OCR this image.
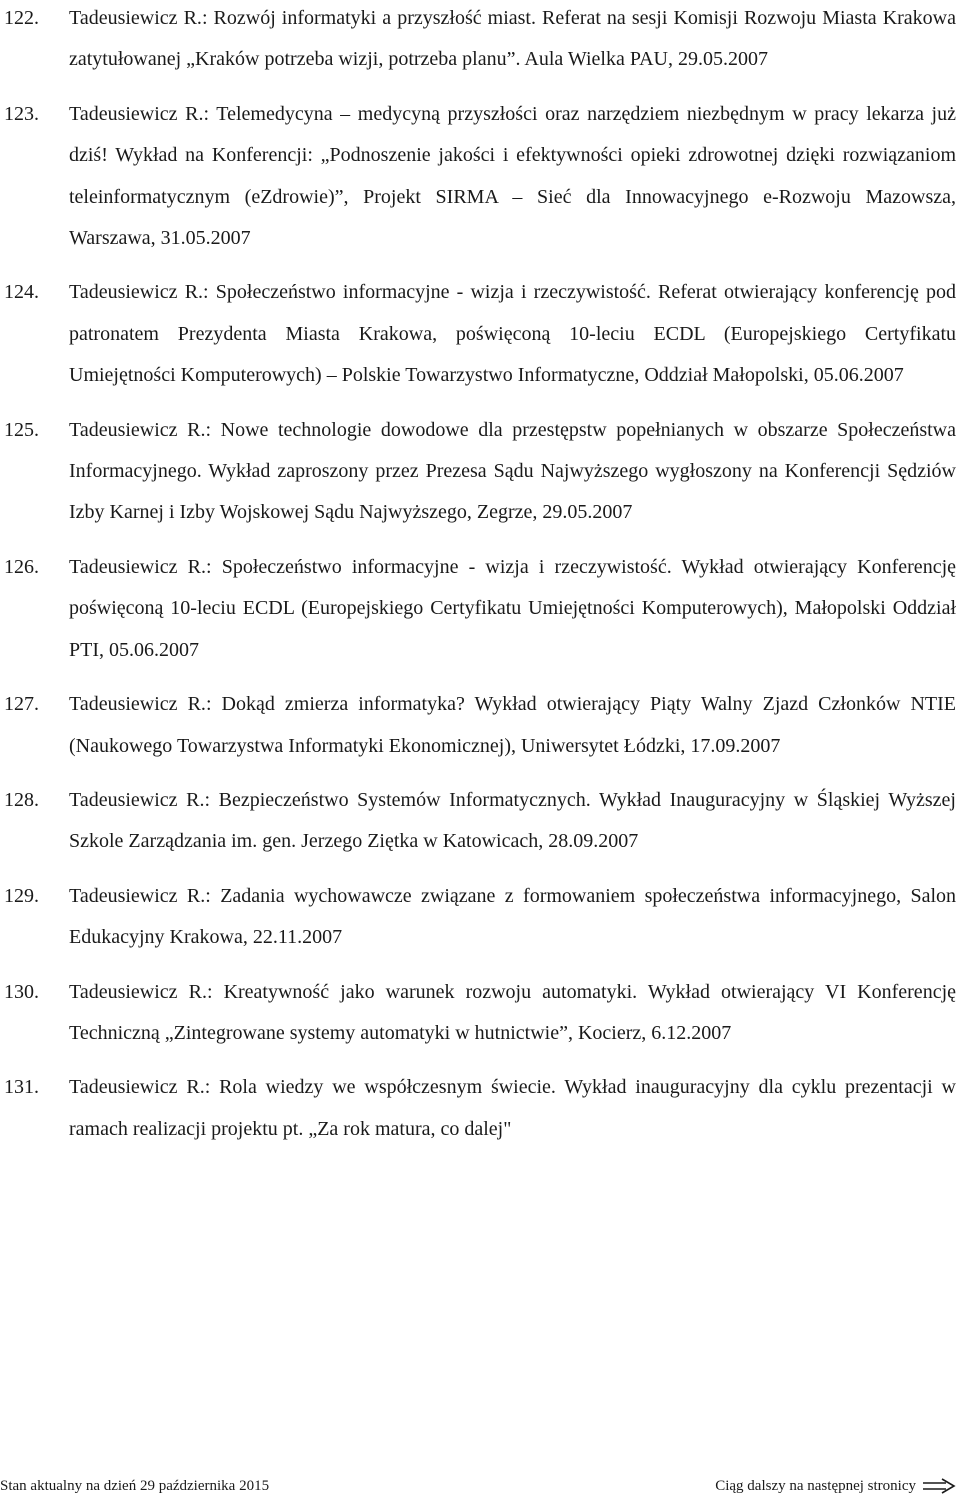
122. Tadeusiewicz R.: Rozwój informatyki a przyszłość miast. Referat na sesji Komisji Rozwoju Miasta Krakowa zatytułowanej „Kraków potrzeba wizji, potrzeba planu”. Aula Wielka PAU, 29.05.2007
123. Tadeusiewicz R.: Telemedycyna – medycyną przyszłości oraz narzędziem niezbędnym w pracy lekarza już dziś! Wykład na Konferencji: „Podnoszenie jakości i efektywności opieki zdrowotnej dzięki rozwiązaniom teleinformatycznym (eZdrowie)”, Projekt SIRMA – Sieć dla Innowacyjnego e-Rozwoju Mazowsza, Warszawa, 31.05.2007
124. Tadeusiewicz R.: Społeczeństwo informacyjne - wizja i rzeczywistość. Referat otwierający konferencję pod patronatem Prezydenta Miasta Krakowa, poświęconą 10-leciu ECDL (Europejskiego Certyfikatu Umiejętności Komputerowych) – Polskie Towarzystwo Informatyczne, Oddział Małopolski, 05.06.2007
125. Tadeusiewicz R.: Nowe technologie dowodowe dla przestępstw popełnianych w obszarze Społeczeństwa Informacyjnego. Wykład zaproszony przez Prezesa Sądu Najwyższego wygłoszony na Konferencji Sędziów Izby Karnej i Izby Wojskowej Sądu Najwyższego, Zegrze, 29.05.2007
126. Tadeusiewicz R.: Społeczeństwo informacyjne - wizja i rzeczywistość. Wykład otwierający Konferencję poświęconą 10-leciu ECDL (Europejskiego Certyfikatu Umiejętności Komputerowych), Małopolski Oddział PTI, 05.06.2007
127. Tadeusiewicz R.: Dokąd zmierza informatyka? Wykład otwierający Piąty Walny Zjazd Członków NTIE (Naukowego Towarzystwa Informatyki Ekonomicznej), Uniwersytet Łódzki, 17.09.2007
128. Tadeusiewicz R.: Bezpieczeństwo Systemów Informatycznych. Wykład Inauguracyjny w Śląskiej Wyższej Szkole Zarządzania im. gen. Jerzego Ziętka w Katowicach, 28.09.2007
129. Tadeusiewicz R.: Zadania wychowawcze związane z formowaniem społeczeństwa informacyjnego, Salon Edukacyjny Krakowa, 22.11.2007
130. Tadeusiewicz R.: Kreatywność jako warunek rozwoju automatyki. Wykład otwierający VI Konferencję Techniczną „Zintegrowane systemy automatyki w hutnictwie”, Kocierz, 6.12.2007
131. Tadeusiewicz R.: Rola wiedzy we współczesnym świecie. Wykład inauguracyjny dla cyklu prezentacji w ramach realizacji projektu pt. „Za rok matura, co dalej"
Stan aktualny na dzień 29 października 2015	Ciąg dalszy na następnej stronicy
